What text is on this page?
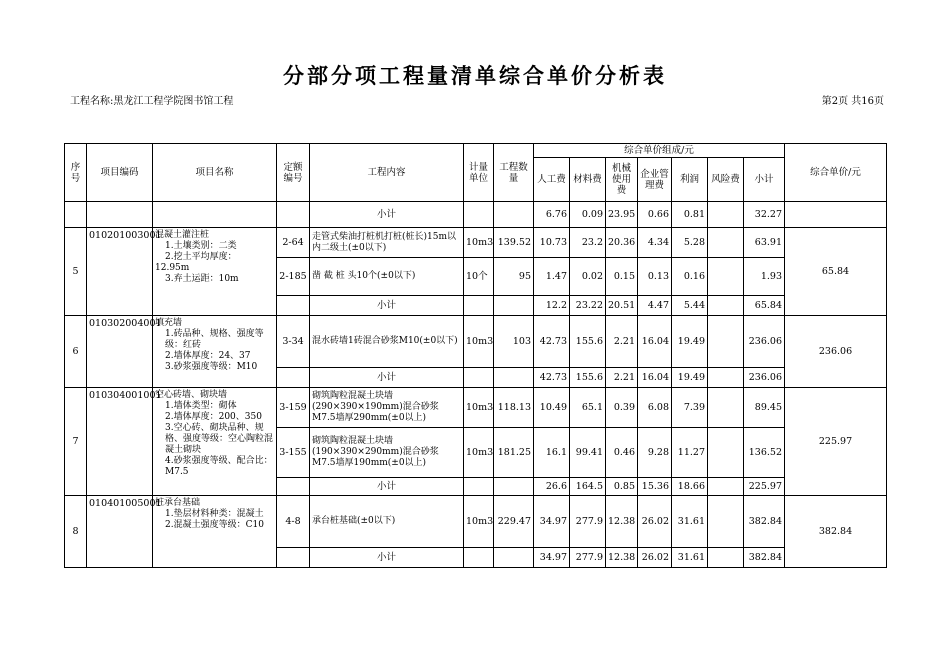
分部分项工程量清单综合单价分析表
工程名称:黑龙江工程学院图书馆工程	第2页 共16页
序号	项目编码	项目名称	定额编号	工程内容	计量单位	工程数量	综合单价组成/元							综合单价/元
							人工费	材料费	机械使用费	企业管理费	利润	风险费	小计	
				小计			6.76	0.09	23.95	0.66	0.81		32.27	
5	010201003001	混凝土灌注桩
1.土壤类别：二类
2.挖土平均厚度：
12.95m
3.弃土运距：10m	2-64	走管式柴油打桩机打桩(桩长)15m以内二级土(±0以下)	10m3	139.52	10.73	23.2	20.36	4.34	5.28		63.91	65.84
			2-185	凿 截 桩 头10个(±0以下)	10个	95	1.47	0.02	0.15	0.13	0.16		1.93	
				小计			12.2	23.22	20.51	4.47	5.44		65.84	
6	010302004001	填充墙
1.砖品种、规格、强度等级：红砖
2.墙体厚度：24、37
3.砂浆强度等级：M10	3-34	混水砖墙1砖混合砂浆M10(±0以下)	10m3	103	42.73	155.6	2.21	16.04	19.49		236.06	236.06
				小计			42.73	155.6	2.21	16.04	19.49		236.06	
7	010304001001	空心砖墙、砌块墙
1.墙体类型：砌体
2.墙体厚度：200、350
3.空心砖、砌块品种、规格、强度等级：空心陶粒混凝土砌块
4.砂浆强度等级、配合比：M7.5	3-159	砌筑陶粒混凝土块墙(290×390×190mm)混合砂浆M7.5墙厚290mm(±0以上)	10m3	118.13	10.49	65.1	0.39	6.08	7.39		89.45	225.97
			3-155	砌筑陶粒混凝土块墙(190×390×290mm)混合砂浆M7.5墙厚190mm(±0以上)	10m3	181.25	16.1	99.41	0.46	9.28	11.27		136.52	
				小计			26.6	164.5	0.85	15.36	18.66		225.97	
8	010401005001	桩承台基础
1.垫层材料种类：混凝土
2.混凝土强度等级：C10	4-8	承台桩基础(±0以下)	10m3	229.47	34.97	277.9	12.38	26.02	31.61		382.84	382.84
				小计			34.97	277.9	12.38	26.02	31.61		382.84	
